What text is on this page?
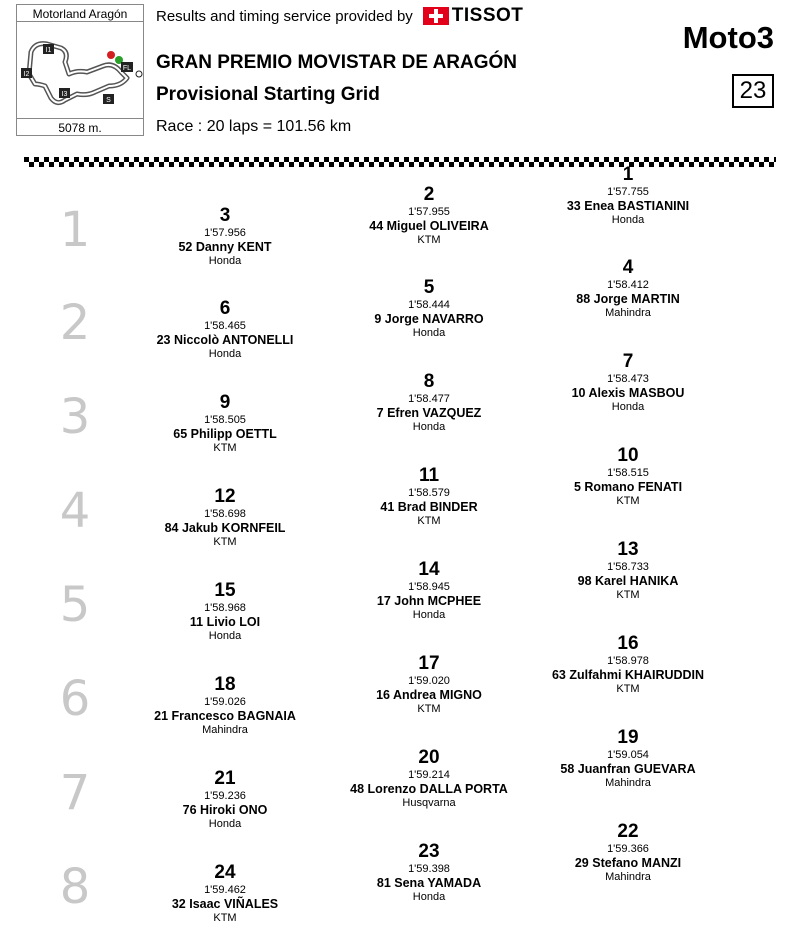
Motorland Aragón
I1
I2
I3
FL
S
5078 m.
Results and timing service provided by TISSOT
GRAN PREMIO MOVISTAR DE ARAGÓN
Provisional Starting Grid
Race : 20 laps = 101.56 km
Moto3
23
1
2
3
4
5
6
7
8
3
1'57.956
52 Danny KENT
Honda
2
1'57.955
44 Miguel OLIVEIRA
KTM
1
1'57.755
33 Enea BASTIANINI
Honda
6
1'58.465
23 Niccolò ANTONELLI
Honda
5
1'58.444
9 Jorge NAVARRO
Honda
4
1'58.412
88 Jorge MARTIN
Mahindra
9
1'58.505
65 Philipp OETTL
KTM
8
1'58.477
7 Efren VAZQUEZ
Honda
7
1'58.473
10 Alexis MASBOU
Honda
12
1'58.698
84 Jakub KORNFEIL
KTM
11
1'58.579
41 Brad BINDER
KTM
10
1'58.515
5 Romano FENATI
KTM
15
1'58.968
11 Livio LOI
Honda
14
1'58.945
17 John MCPHEE
Honda
13
1'58.733
98 Karel HANIKA
KTM
18
1'59.026
21 Francesco BAGNAIA
Mahindra
17
1'59.020
16 Andrea MIGNO
KTM
16
1'58.978
63 Zulfahmi KHAIRUDDIN
KTM
21
1'59.236
76 Hiroki ONO
Honda
20
1'59.214
48 Lorenzo DALLA PORTA
Husqvarna
19
1'59.054
58 Juanfran GUEVARA
Mahindra
24
1'59.462
32 Isaac VIÑALES
KTM
23
1'59.398
81 Sena YAMADA
Honda
22
1'59.366
29 Stefano MANZI
Mahindra
